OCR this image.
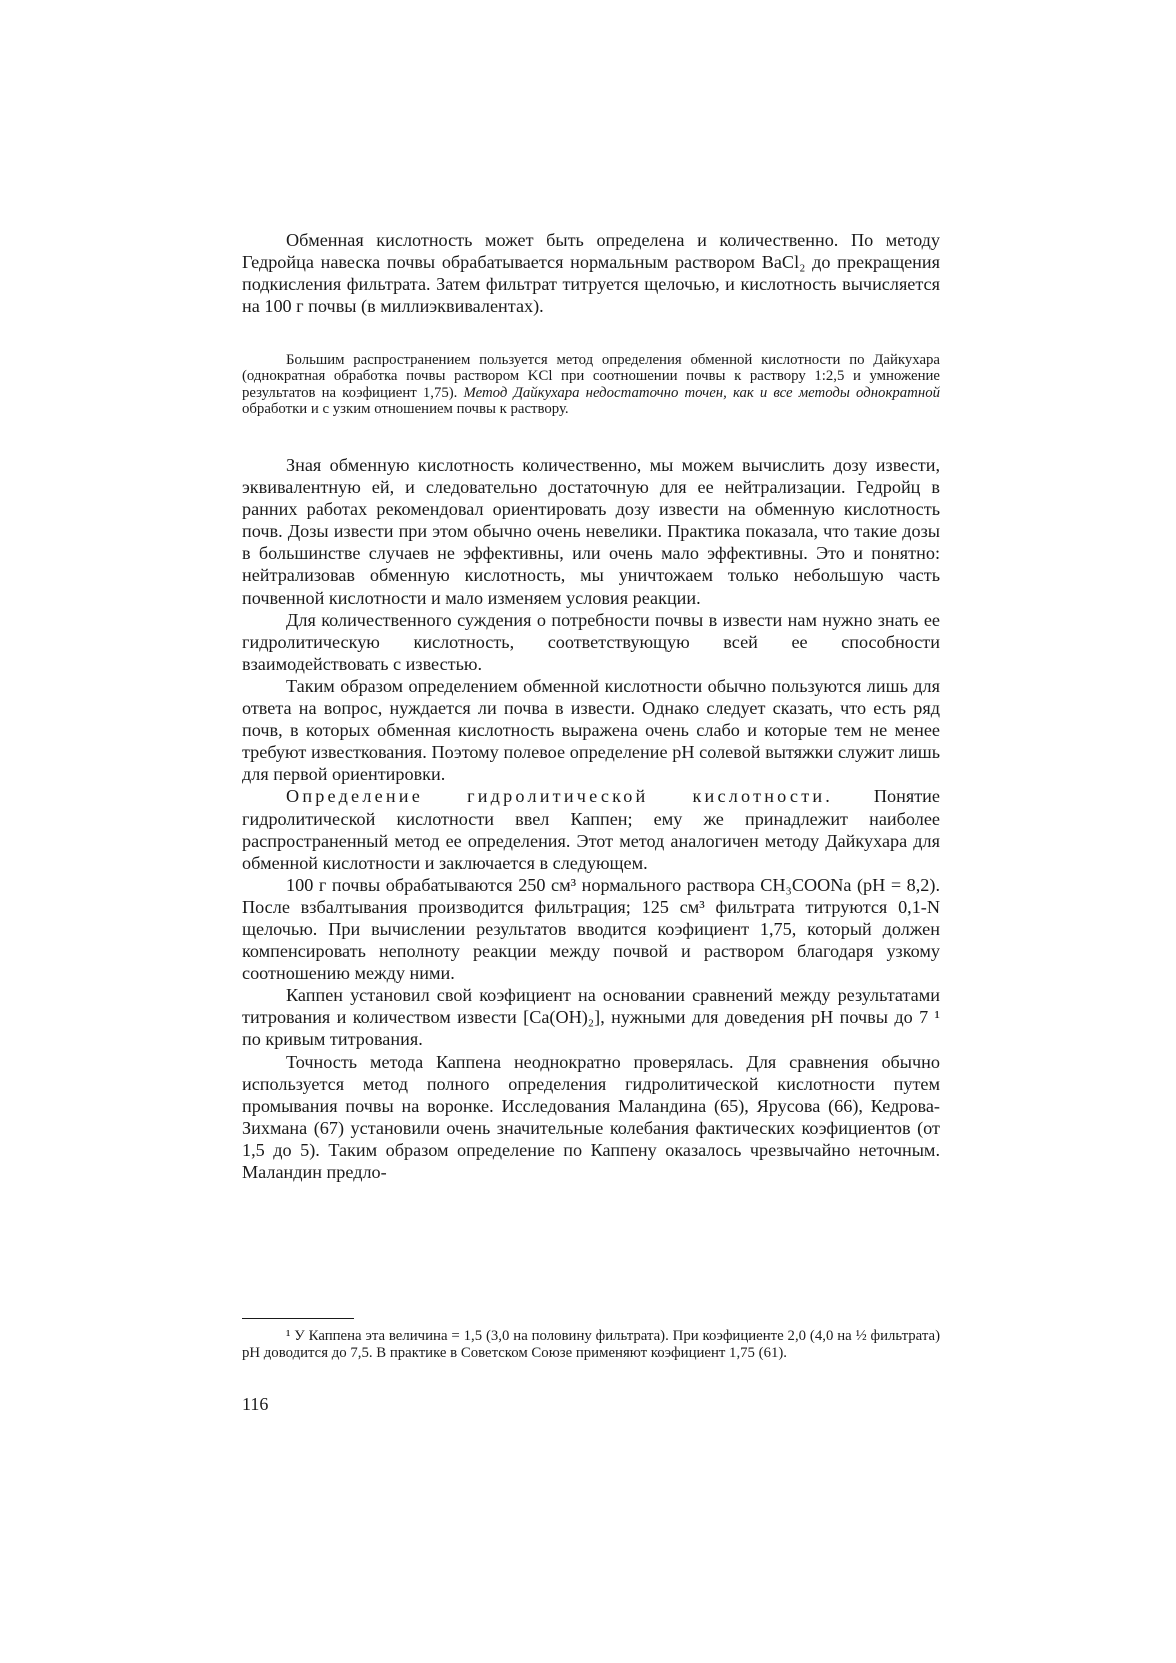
Обменная кислотность может быть определена и количественно. По методу Гедройца навеска почвы обрабатывается нормальным раствором BaCl₂ до прекращения подкисления фильтрата. Затем фильтрат титруется щелочью, и кислотность вычисляется на 100 г почвы (в миллиэквивалентах).

Большим распространением пользуется метод определения обменной кислотности по Дайкухара (однократная обработка почвы раствором KCl при соотношении почвы к раствору 1:2,5 и умножение результатов на коэфициент 1,75). Метод Дайкухара недостаточно точен, как и все методы однократной обработки и с узким отношением почвы к раствору.

Зная обменную кислотность количественно, мы можем вычислить дозу извести, эквивалентную ей, и следовательно достаточную для ее нейтрализации. Гедройц в ранних работах рекомендовал ориентировать дозу извести на обменную кислотность почв. Дозы извести при этом обычно очень невелики. Практика показала, что такие дозы в большинстве случаев не эффективны, или очень мало эффективны. Это и понятно: нейтрализовав обменную кислотность, мы уничтожаем только небольшую часть почвенной кислотности и мало изменяем условия реакции.

Для количественного суждения о потребности почвы в извести нам нужно знать ее гидролитическую кислотность, соответствующую всей ее способности взаимодействовать с известью.

Таким образом определением обменной кислотности обычно пользуются лишь для ответа на вопрос, нуждается ли почва в извести. Однако следует сказать, что есть ряд почв, в которых обменная кислотность выражена очень слабо и которые тем не менее требуют известкования. Поэтому полевое определение pH солевой вытяжки служит лишь для первой ориентировки.

Определение гидролитической кислотности. Понятие гидролитической кислотности ввел Каппен; ему же принадлежит наиболее распространенный метод ее определения. Этот метод аналогичен методу Дайкухара для обменной кислотности и заключается в следующем.

100 г почвы обрабатываются 250 см³ нормального раствора CH₃COONa (pH = 8,2). После взбалтывания производится фильтрация; 125 см³ фильтрата титруются 0,1-N щелочью. При вычислении результатов вводится коэфициент 1,75, который должен компенсировать неполноту реакции между почвой и раствором благодаря узкому соотношению между ними.

Каппен установил свой коэфициент на основании сравнений между результатами титрования и количеством извести [Ca(OH)₂], нужными для доведения pH почвы до 7 ¹ по кривым титрования.

Точность метода Каппена неоднократно проверялась. Для сравнения обычно используется метод полного определения гидролитической кислотности путем промывания почвы на воронке. Исследования Маландина (65), Ярусова (66), Кедрова-Зихмана (67) установили очень значительные колебания фактических коэфициентов (от 1,5 до 5). Таким образом определение по Каппену оказалось чрезвычайно неточным. Маландин предло-

¹ У Каппена эта величина = 1,5 (3,0 на половину фильтрата). При коэфициенте 2,0 (4,0 на ½ фильтрата) pH доводится до 7,5. В практике в Советском Союзе применяют коэфициент 1,75 (61).

116
